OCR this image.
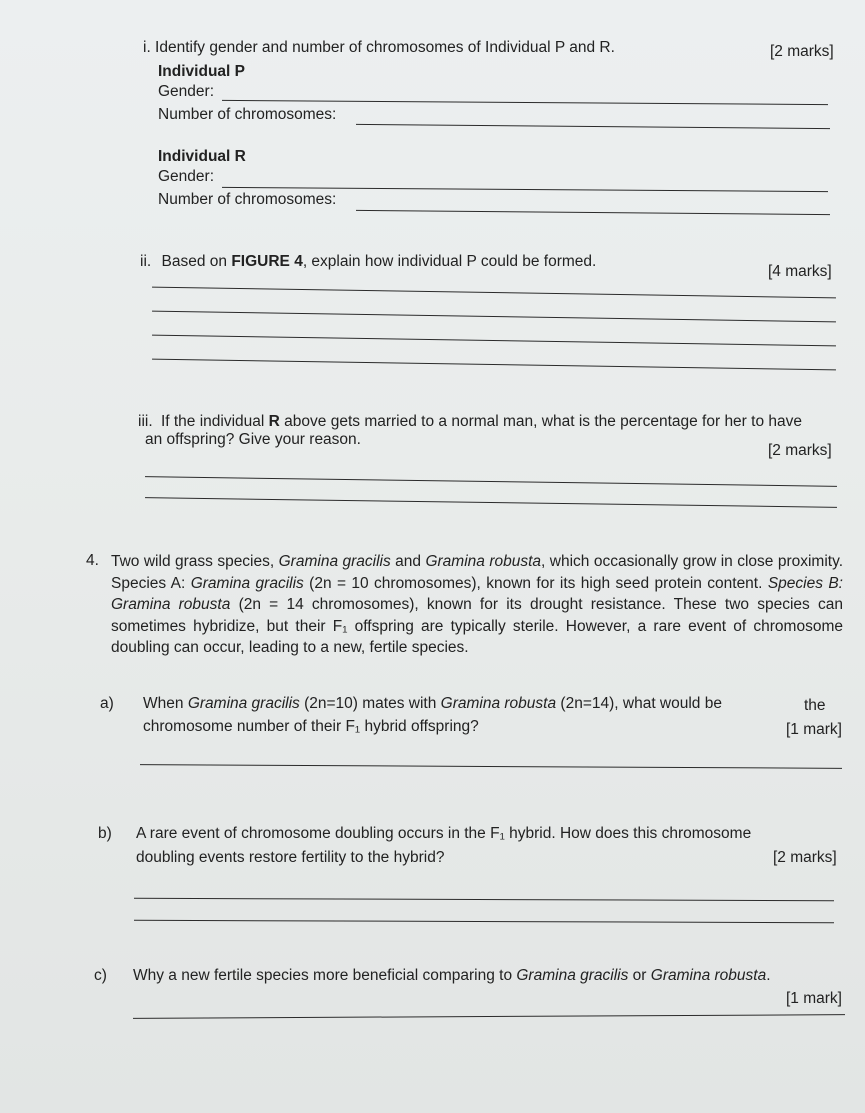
i. Identify gender and number of chromosomes of Individual P and R.	[2 marks]
Individual P
Gender:
Number of chromosomes:
Individual R
Gender:
Number of chromosomes:
ii. Based on FIGURE 4, explain how individual P could be formed.
[4 marks]
iii. If the individual R above gets married to a normal man, what is the percentage for her to have
an offspring? Give your reason.
[2 marks]
4. Two wild grass species, Gramina gracilis and Gramina robusta, which occasionally grow in close proximity. Species A: Gramina gracilis (2n = 10 chromosomes), known for its high seed protein content. Species B: Gramina robusta (2n = 14 chromosomes), known for its drought resistance. These two species can sometimes hybridize, but their F₁ offspring are typically sterile. However, a rare event of chromosome doubling can occur, leading to a new, fertile species.
a) When Gramina gracilis (2n=10) mates with Gramina robusta (2n=14), what would be	the
chromosome number of their F₁ hybrid offspring?	[1 mark]
b) A rare event of chromosome doubling occurs in the F₁ hybrid. How does this chromosome
doubling events restore fertility to the hybrid?	[2 marks]
c) Why a new fertile species more beneficial comparing to Gramina gracilis or Gramina robusta.
[1 mark]
